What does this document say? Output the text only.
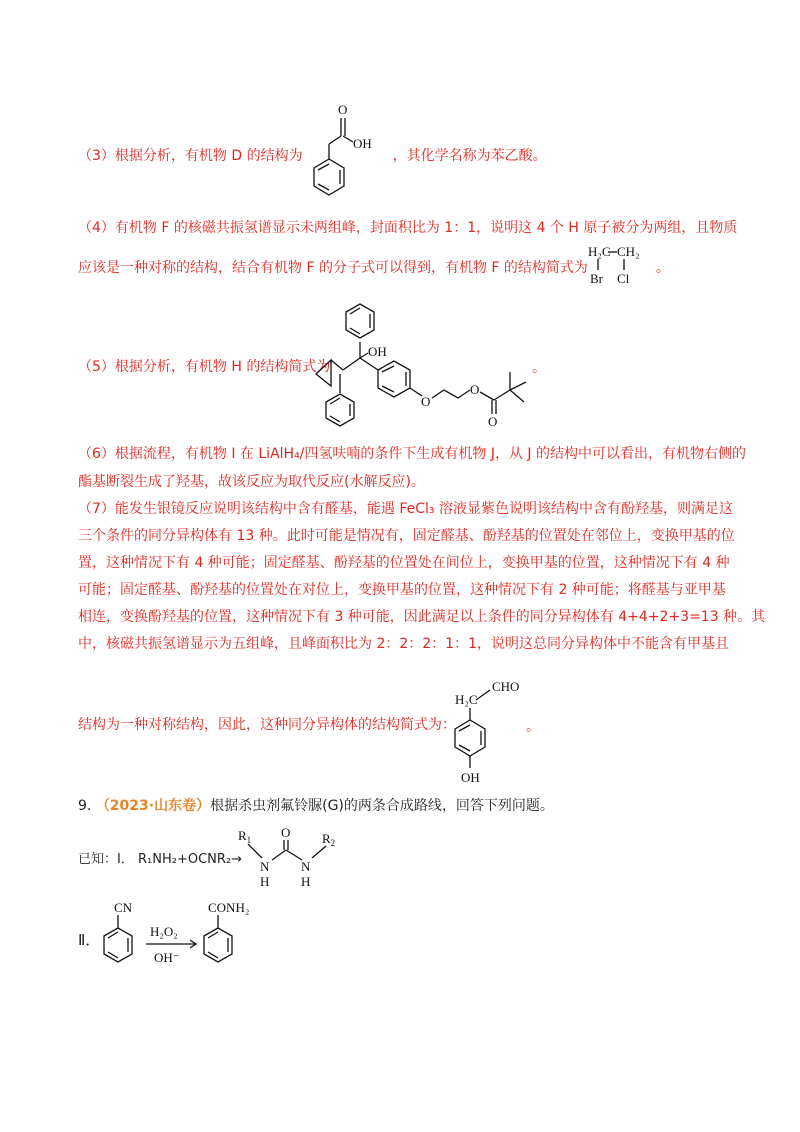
（3）根据分析，有机物 D 的结构为	，其化学名称为苯乙酸。
O
OH
（4）有机物 F 的核磁共振氢谱显示未两组峰，封面积比为 1：1，说明这 4 个 H 原子被分为两组，且物质
应该是一种对称的结构，结合有机物 F 的分子式可以得到，有机物 F 的结构简式为	。
H₂C CH₂
Br Cl
（5）根据分析，有机物 H 的结构简式为	。
OH
O
O
O
（6）根据流程，有机物 I 在 LiAlH₄/四氢呋喃的条件下生成有机物 J，从 J 的结构中可以看出，有机物右侧的
酯基断裂生成了羟基，故该反应为取代反应(水解反应)。
（7）能发生银镜反应说明该结构中含有醛基，能遇 FeCl₃ 溶液显紫色说明该结构中含有酚羟基，则满足这
三个条件的同分异构体有 13 种。此时可能是情况有，固定醛基、酚羟基的位置处在邻位上，变换甲基的位
置，这种情况下有 4 种可能；固定醛基、酚羟基的位置处在间位上，变换甲基的位置，这种情况下有 4 种
可能；固定醛基、酚羟基的位置处在对位上，变换甲基的位置，这种情况下有 2 种可能；将醛基与亚甲基
相连，变换酚羟基的位置，这种情况下有 3 种可能，因此满足以上条件的同分异构体有 4+4+2+3=13 种。其
中，核磁共振氢谱显示为五组峰，且峰面积比为 2：2：2：1：1，说明这总同分异构体中不能含有甲基且
结构为一种对称结构，因此，这种同分异构体的结构简式为：	。
H₂C
CHO
OH
9. （2023·山东卷）根据杀虫剂氟铃脲(G)的两条合成路线，回答下列问题。
已知：Ⅰ． R₁NH₂+OCNR₂→
$R_1$
N
H
O
N
H
$R_2$
Ⅱ．
CN
H₂O₂
OH⁻
CONH₂
